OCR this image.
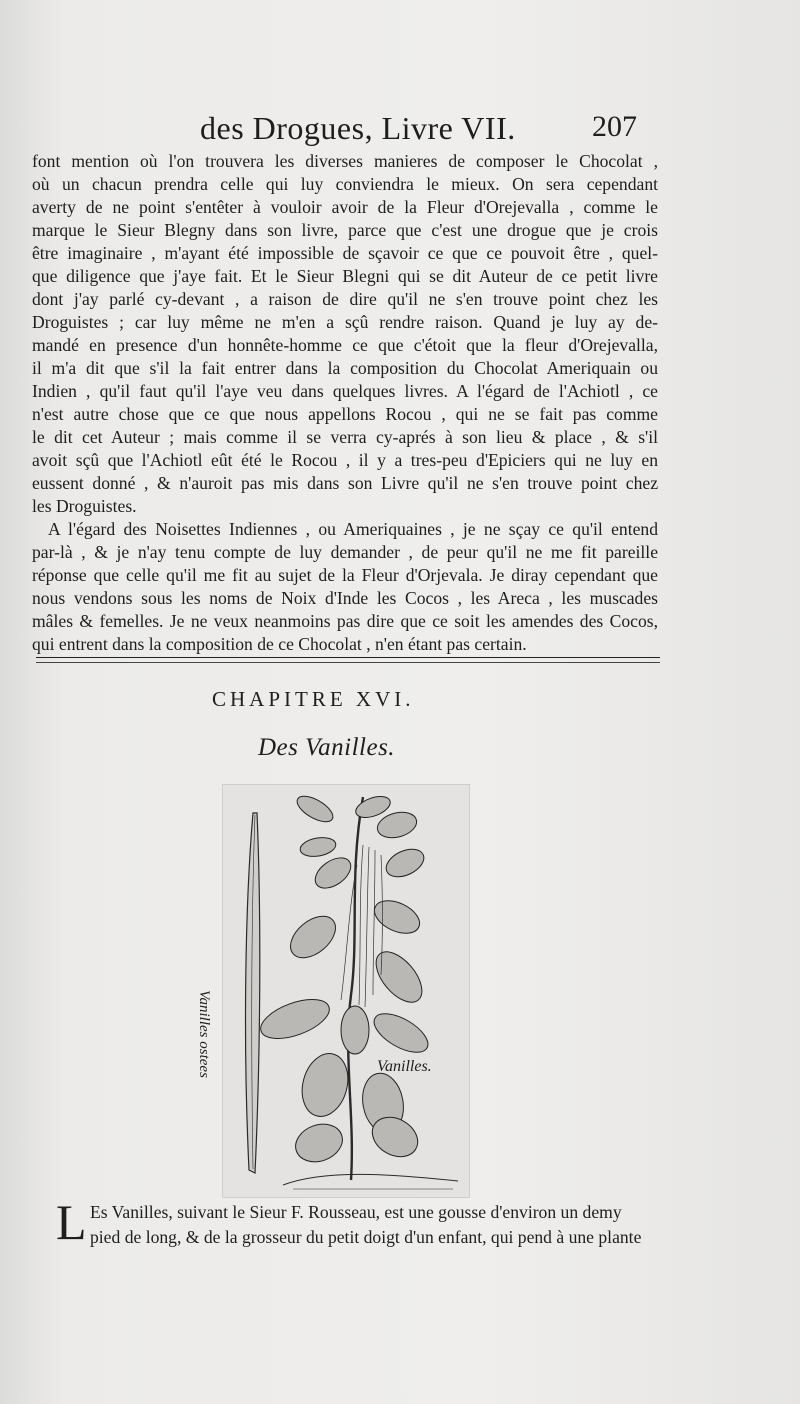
des Drogues, Livre VII.	207
font mention où l'on trouvera les diverses manieres de composer le Chocolat ,
où un chacun prendra celle qui luy conviendra le mieux. On sera cependant
averty de ne point s'entêter à vouloir avoir de la Fleur d'Orejevalla , comme le
marque le Sieur Blegny dans son livre, parce que c'est une drogue que je crois
être imaginaire , m'ayant été impossible de sçavoir ce que ce pouvoit être , quel-
que diligence que j'aye fait. Et le Sieur Blegni qui se dit Auteur de ce petit livre
dont j'ay parlé cy-devant , a raison de dire qu'il ne s'en trouve point chez les
Droguistes ; car luy même ne m'en a sçû rendre raison. Quand je luy ay de-
mandé en presence d'un honnête-homme ce que c'étoit que la fleur d'Orejevalla,
il m'a dit que s'il la fait entrer dans la composition du Chocolat Ameriquain ou
Indien , qu'il faut qu'il l'aye veu dans quelques livres. A l'égard de l'Achiotl , ce
n'est autre chose que ce que nous appellons Rocou , qui ne se fait pas comme
le dit cet Auteur ; mais comme il se verra cy-aprés à son lieu & place , & s'il
avoit sçû que l'Achiotl eût été le Rocou , il y a tres-peu d'Epiciers qui ne luy en
eussent donné , & n'auroit pas mis dans son Livre qu'il ne s'en trouve point chez
les Droguistes.
A l'égard des Noisettes Indiennes , ou Ameriquaines , je ne sçay ce qu'il entend
par-là , & je n'ay tenu compte de luy demander , de peur qu'il ne me fit pareille
réponse que celle qu'il me fit au sujet de la Fleur d'Orjevala. Je diray cependant que
nous vendons sous les noms de Noix d'Inde les Cocos , les Areca , les muscades
mâles & femelles. Je ne veux neanmoins pas dire que ce soit les amendes des Cocos,
qui entrent dans la composition de ce Chocolat , n'en étant pas certain.
CHAPITRE XVI.
Des Vanilles.
Vanilles ostees	Vanilles.
L Es Vanilles, suivant le Sieur F. Rousseau, est une gousse d'environ un demy
pied de long, & de la grosseur du petit doigt d'un enfant, qui pend à une plante
